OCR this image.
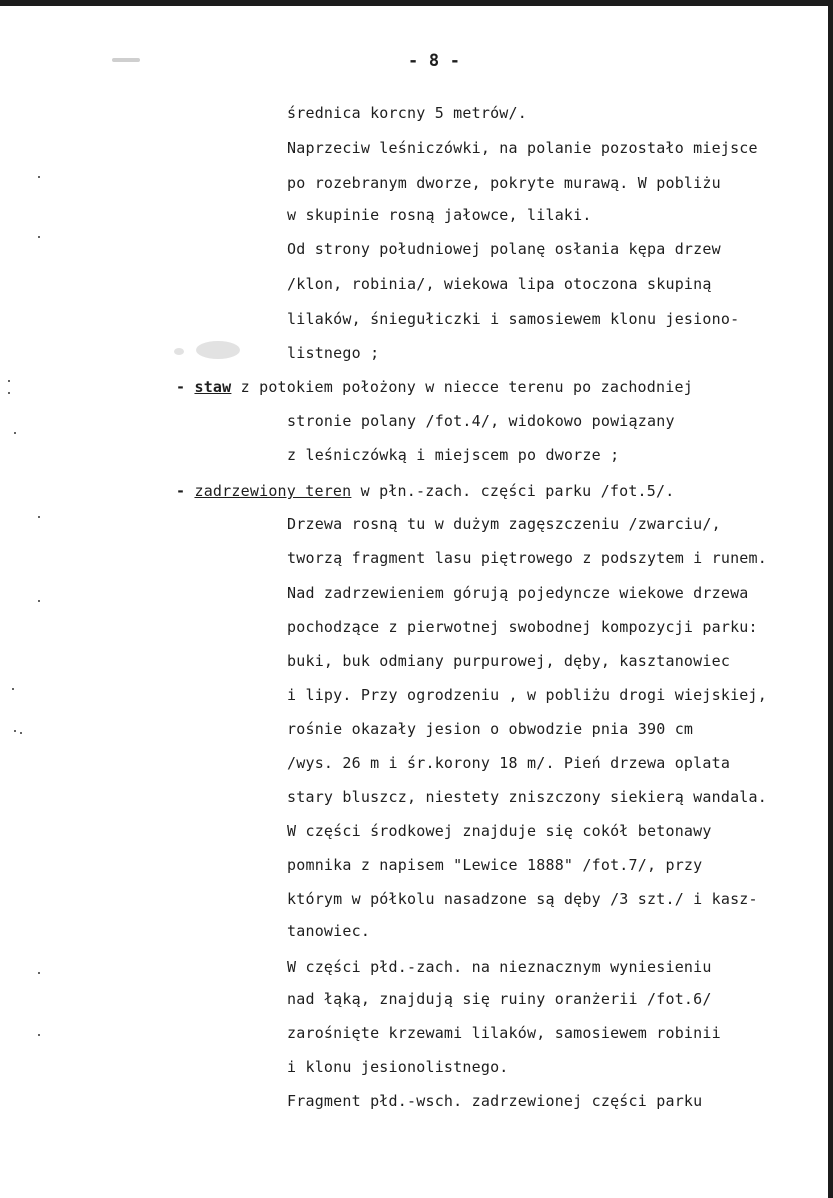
- 8 -
średnica korcny 5 metrów/.
Naprzeciw leśniczówki, na polanie pozostało miejsce
po rozebranym dworze, pokryte murawą. W pobliżu
w skupinie rosną jałowce, lilaki.
Od strony południowej polanę osłania kępa drzew
/klon, robinia/, wiekowa lipa otoczona skupiną
lilaków, śniegułiczki i samosiewem klonu jesiono-
listnego ;
- staw z potokiem położony w niecce terenu po zachodniej
stronie polany /fot.4/, widokowo powiązany
z leśniczówką i miejscem po dworze ;
- zadrzewiony teren w płn.-zach. części parku /fot.5/.
Drzewa rosną tu w dużym zagęszczeniu /zwarciu/,
tworzą fragment lasu piętrowego z podszytem i runem.
Nad zadrzewieniem górują pojedyncze wiekowe drzewa
pochodzące z pierwotnej swobodnej kompozycji parku:
buki, buk odmiany purpurowej, dęby, kasztanowiec
i lipy. Przy ogrodzeniu , w pobliżu drogi wiejskiej,
rośnie okazały jesion o obwodzie pnia 390 cm
/wys. 26 m i śr.korony 18 m/. Pień drzewa oplata
stary bluszcz, niestety zniszczony siekierą wandala.
W części środkowej znajduje się cokół betonawy
pomnika z napisem "Lewice 1888" /fot.7/, przy
którym w półkolu nasadzone są dęby /3 szt./ i kasz-
tanowiec.
W części płd.-zach. na nieznacznym wyniesieniu
nad łąką, znajdują się ruiny oranżerii /fot.6/
zarośnięte krzewami lilaków, samosiewem robinii
i klonu jesionolistnego.
Fragment płd.-wsch. zadrzewionej części parku
